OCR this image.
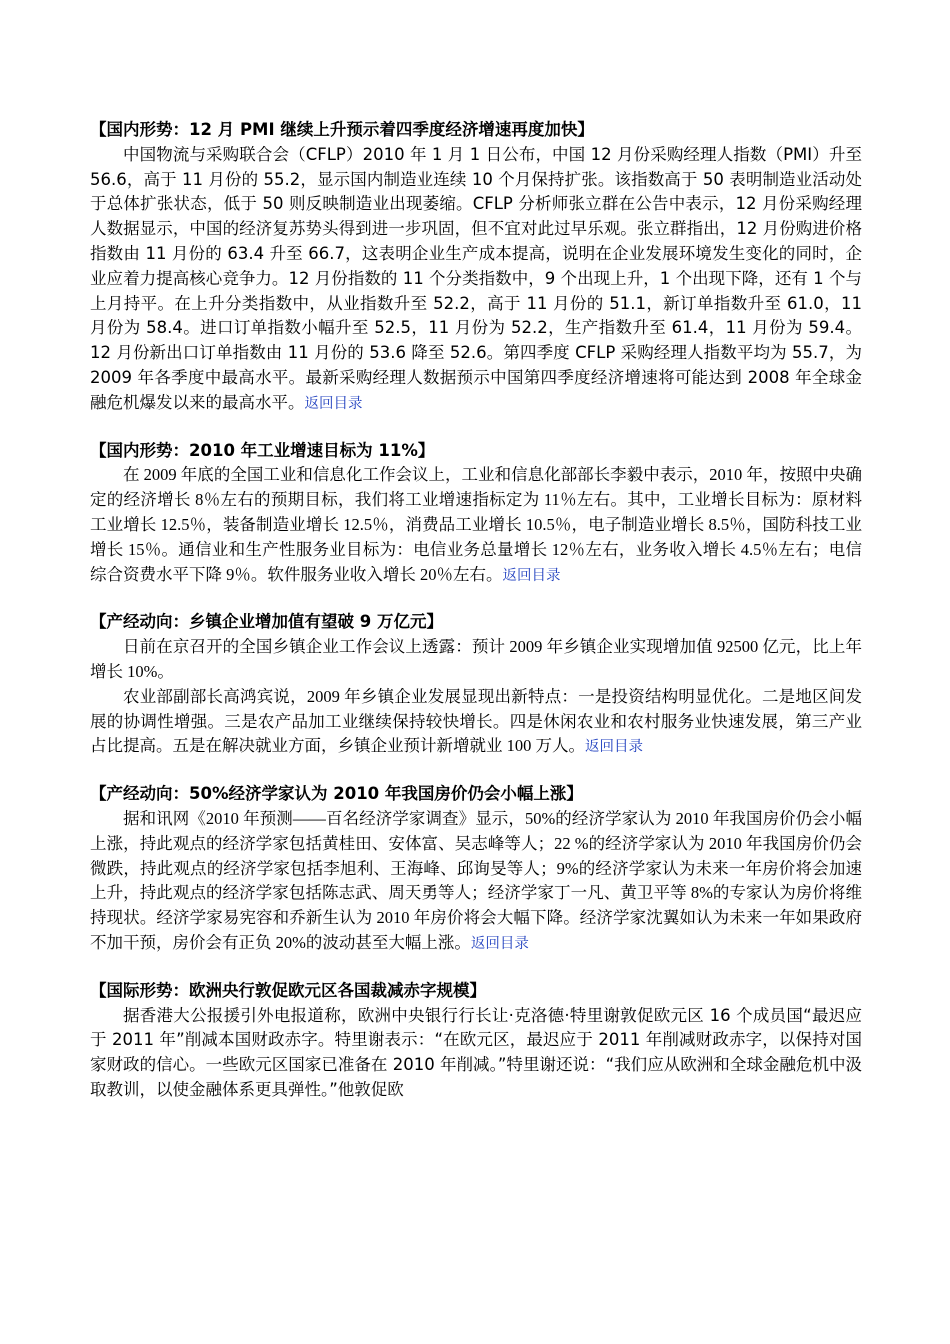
【国内形势：12 月 PMI 继续上升预示着四季度经济增速再度加快】

中国物流与采购联合会（CFLP）2010 年 1 月 1 日公布，中国 12 月份采购经理人指数（PMI）升至 56.6，高于 11 月份的 55.2，显示国内制造业连续 10 个月保持扩张。该指数高于 50 表明制造业活动处于总体扩张状态，低于 50 则反映制造业出现萎缩。CFLP 分析师张立群在公告中表示，12 月份采购经理人数据显示，中国的经济复苏势头得到进一步巩固，但不宜对此过早乐观。张立群指出，12 月份购进价格指数由 11 月份的 63.4 升至 66.7，这表明企业生产成本提高，说明在企业发展环境发生变化的同时，企业应着力提高核心竞争力。12 月份指数的 11 个分类指数中，9 个出现上升，1 个出现下降，还有 1 个与上月持平。在上升分类指数中，从业指数升至 52.2，高于 11 月份的 51.1，新订单指数升至 61.0，11 月份为 58.4。进口订单指数小幅升至 52.5，11 月份为 52.2，生产指数升至 61.4，11 月份为 59.4。12 月份新出口订单指数由 11 月份的 53.6 降至 52.6。第四季度 CFLP 采购经理人指数平均为 55.7，为 2009 年各季度中最高水平。最新采购经理人数据预示中国第四季度经济增速将可能达到 2008 年全球金融危机爆发以来的最高水平。返回目录

【国内形势：2010 年工业增速目标为 11%】

在 2009 年底的全国工业和信息化工作会议上，工业和信息化部部长李毅中表示，2010 年，按照中央确定的经济增长 8％左右的预期目标，我们将工业增速指标定为 11％左右。其中，工业增长目标为：原材料工业增长 12.5％，装备制造业增长 12.5％，消费品工业增长 10.5％，电子制造业增长 8.5％，国防科技工业增长 15％。通信业和生产性服务业目标为：电信业务总量增长 12％左右，业务收入增长 4.5％左右；电信综合资费水平下降 9％。软件服务业收入增长 20％左右。返回目录

【产经动向：乡镇企业增加值有望破 9 万亿元】

日前在京召开的全国乡镇企业工作会议上透露：预计 2009 年乡镇企业实现增加值 92500 亿元，比上年增长 10%。

农业部副部长高鸿宾说，2009 年乡镇企业发展显现出新特点：一是投资结构明显优化。二是地区间发展的协调性增强。三是农产品加工业继续保持较快增长。四是休闲农业和农村服务业快速发展，第三产业占比提高。五是在解决就业方面，乡镇企业预计新增就业 100 万人。返回目录

【产经动向：50%经济学家认为 2010 年我国房价仍会小幅上涨】

据和讯网《2010 年预测——百名经济学家调查》显示，50%的经济学家认为 2010 年我国房价仍会小幅上涨，持此观点的经济学家包括黄桂田、安体富、吴志峰等人；22 %的经济学家认为 2010 年我国房价仍会微跌，持此观点的经济学家包括李旭利、王海峰、邱询旻等人；9%的经济学家认为未来一年房价将会加速上升，持此观点的经济学家包括陈志武、周天勇等人；经济学家丁一凡、黄卫平等 8%的专家认为房价将维持现状。经济学家易宪容和乔新生认为 2010 年房价将会大幅下降。经济学家沈翼如认为未来一年如果政府不加干预，房价会有正负 20%的波动甚至大幅上涨。返回目录

【国际形势：欧洲央行敦促欧元区各国裁减赤字规模】

据香港大公报援引外电报道称，欧洲中央银行行长让·克洛德·特里谢敦促欧元区 16 个成员国“最迟应于 2011 年”削减本国财政赤字。特里谢表示：“在欧元区，最迟应于 2011 年削减财政赤字，以保持对国家财政的信心。一些欧元区国家已准备在 2010 年削减。”特里谢还说：“我们应从欧洲和全球金融危机中汲取教训，以使金融体系更具弹性。”他敦促欧
